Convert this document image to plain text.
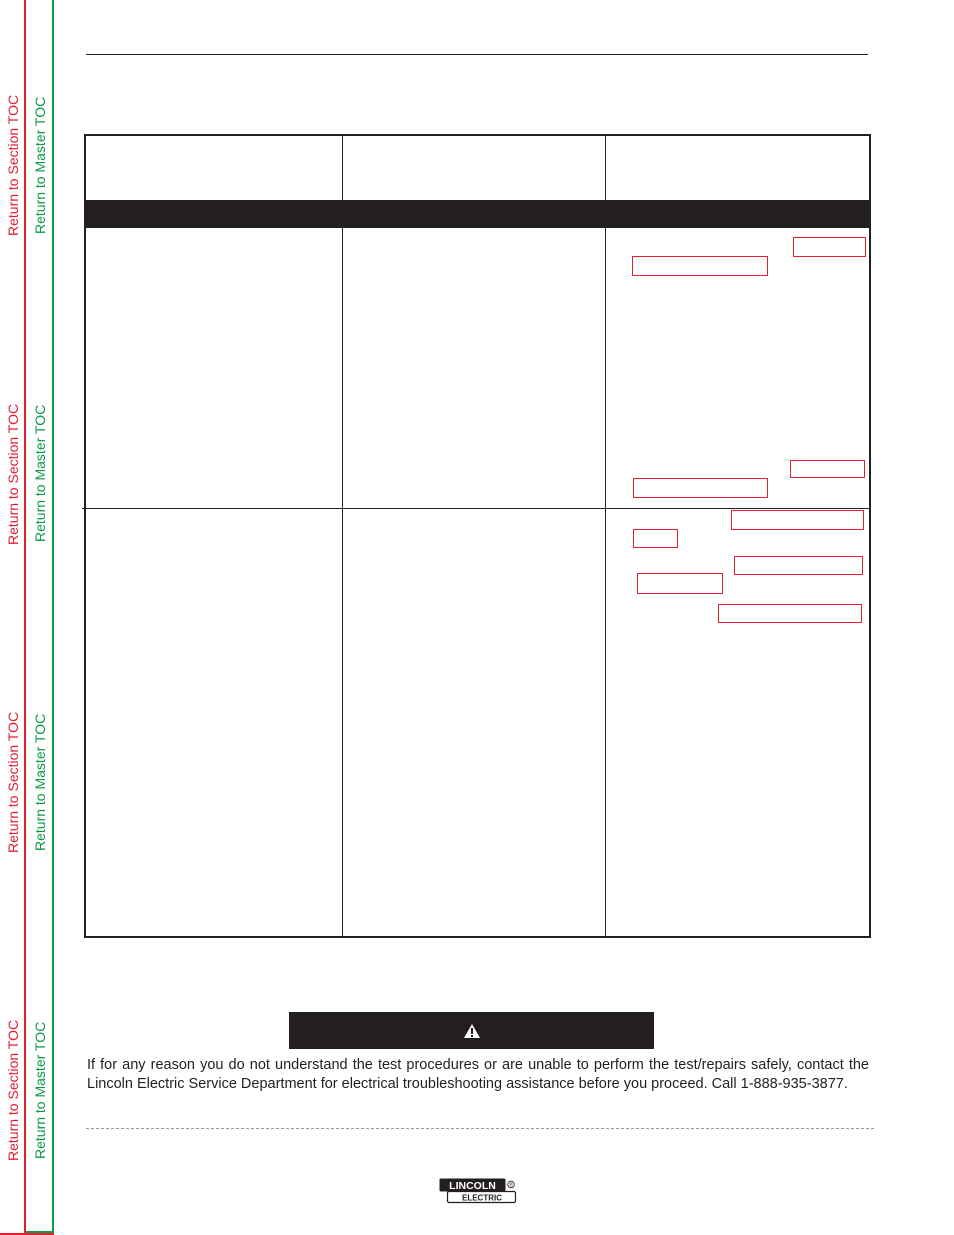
Return to Section TOC
Return to Section TOC
Return to Section TOC
Return to Section TOC
Return to Master TOC
Return to Master TOC
Return to Master TOC
Return to Master TOC	If for any reason you do not understand the test procedures or are unable to perform the test/repairs safely, contact the Lincoln Electric Service Department for electrical troubleshooting assistance before you proceed. Call 1-888-935-3877.
LINCOLN
ELECTRIC
®
